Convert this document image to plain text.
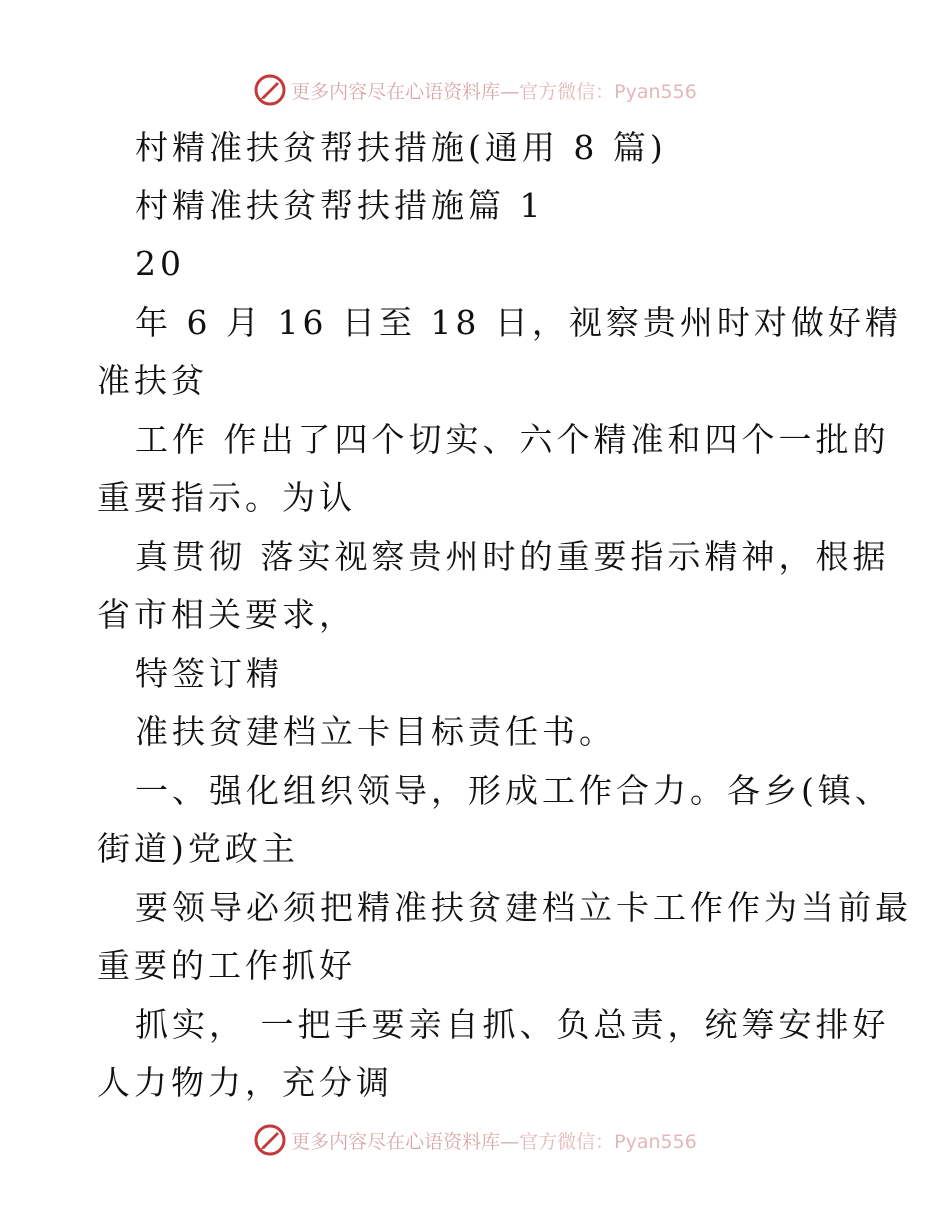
更多内容尽在心语资料库—官方微信：Pyan556
村精准扶贫帮扶措施(通用 8 篇)
村精准扶贫帮扶措施篇 1
20
年 6 月 16 日至 18 日，视察贵州时对做好精
准扶贫
工作 作出了四个切实、六个精准和四个一批的
重要指示。为认
真贯彻 落实视察贵州时的重要指示精神，根据
省市相关要求，
特签订精
准扶贫建档立卡目标责任书。
一、强化组织领导，形成工作合力。各乡(镇、
街道)党政主
要领导必须把精准扶贫建档立卡工作作为当前最
重要的工作抓好
抓实， 一把手要亲自抓、负总责，统筹安排好
人力物力，充分调
更多内容尽在心语资料库—官方微信：Pyan556
